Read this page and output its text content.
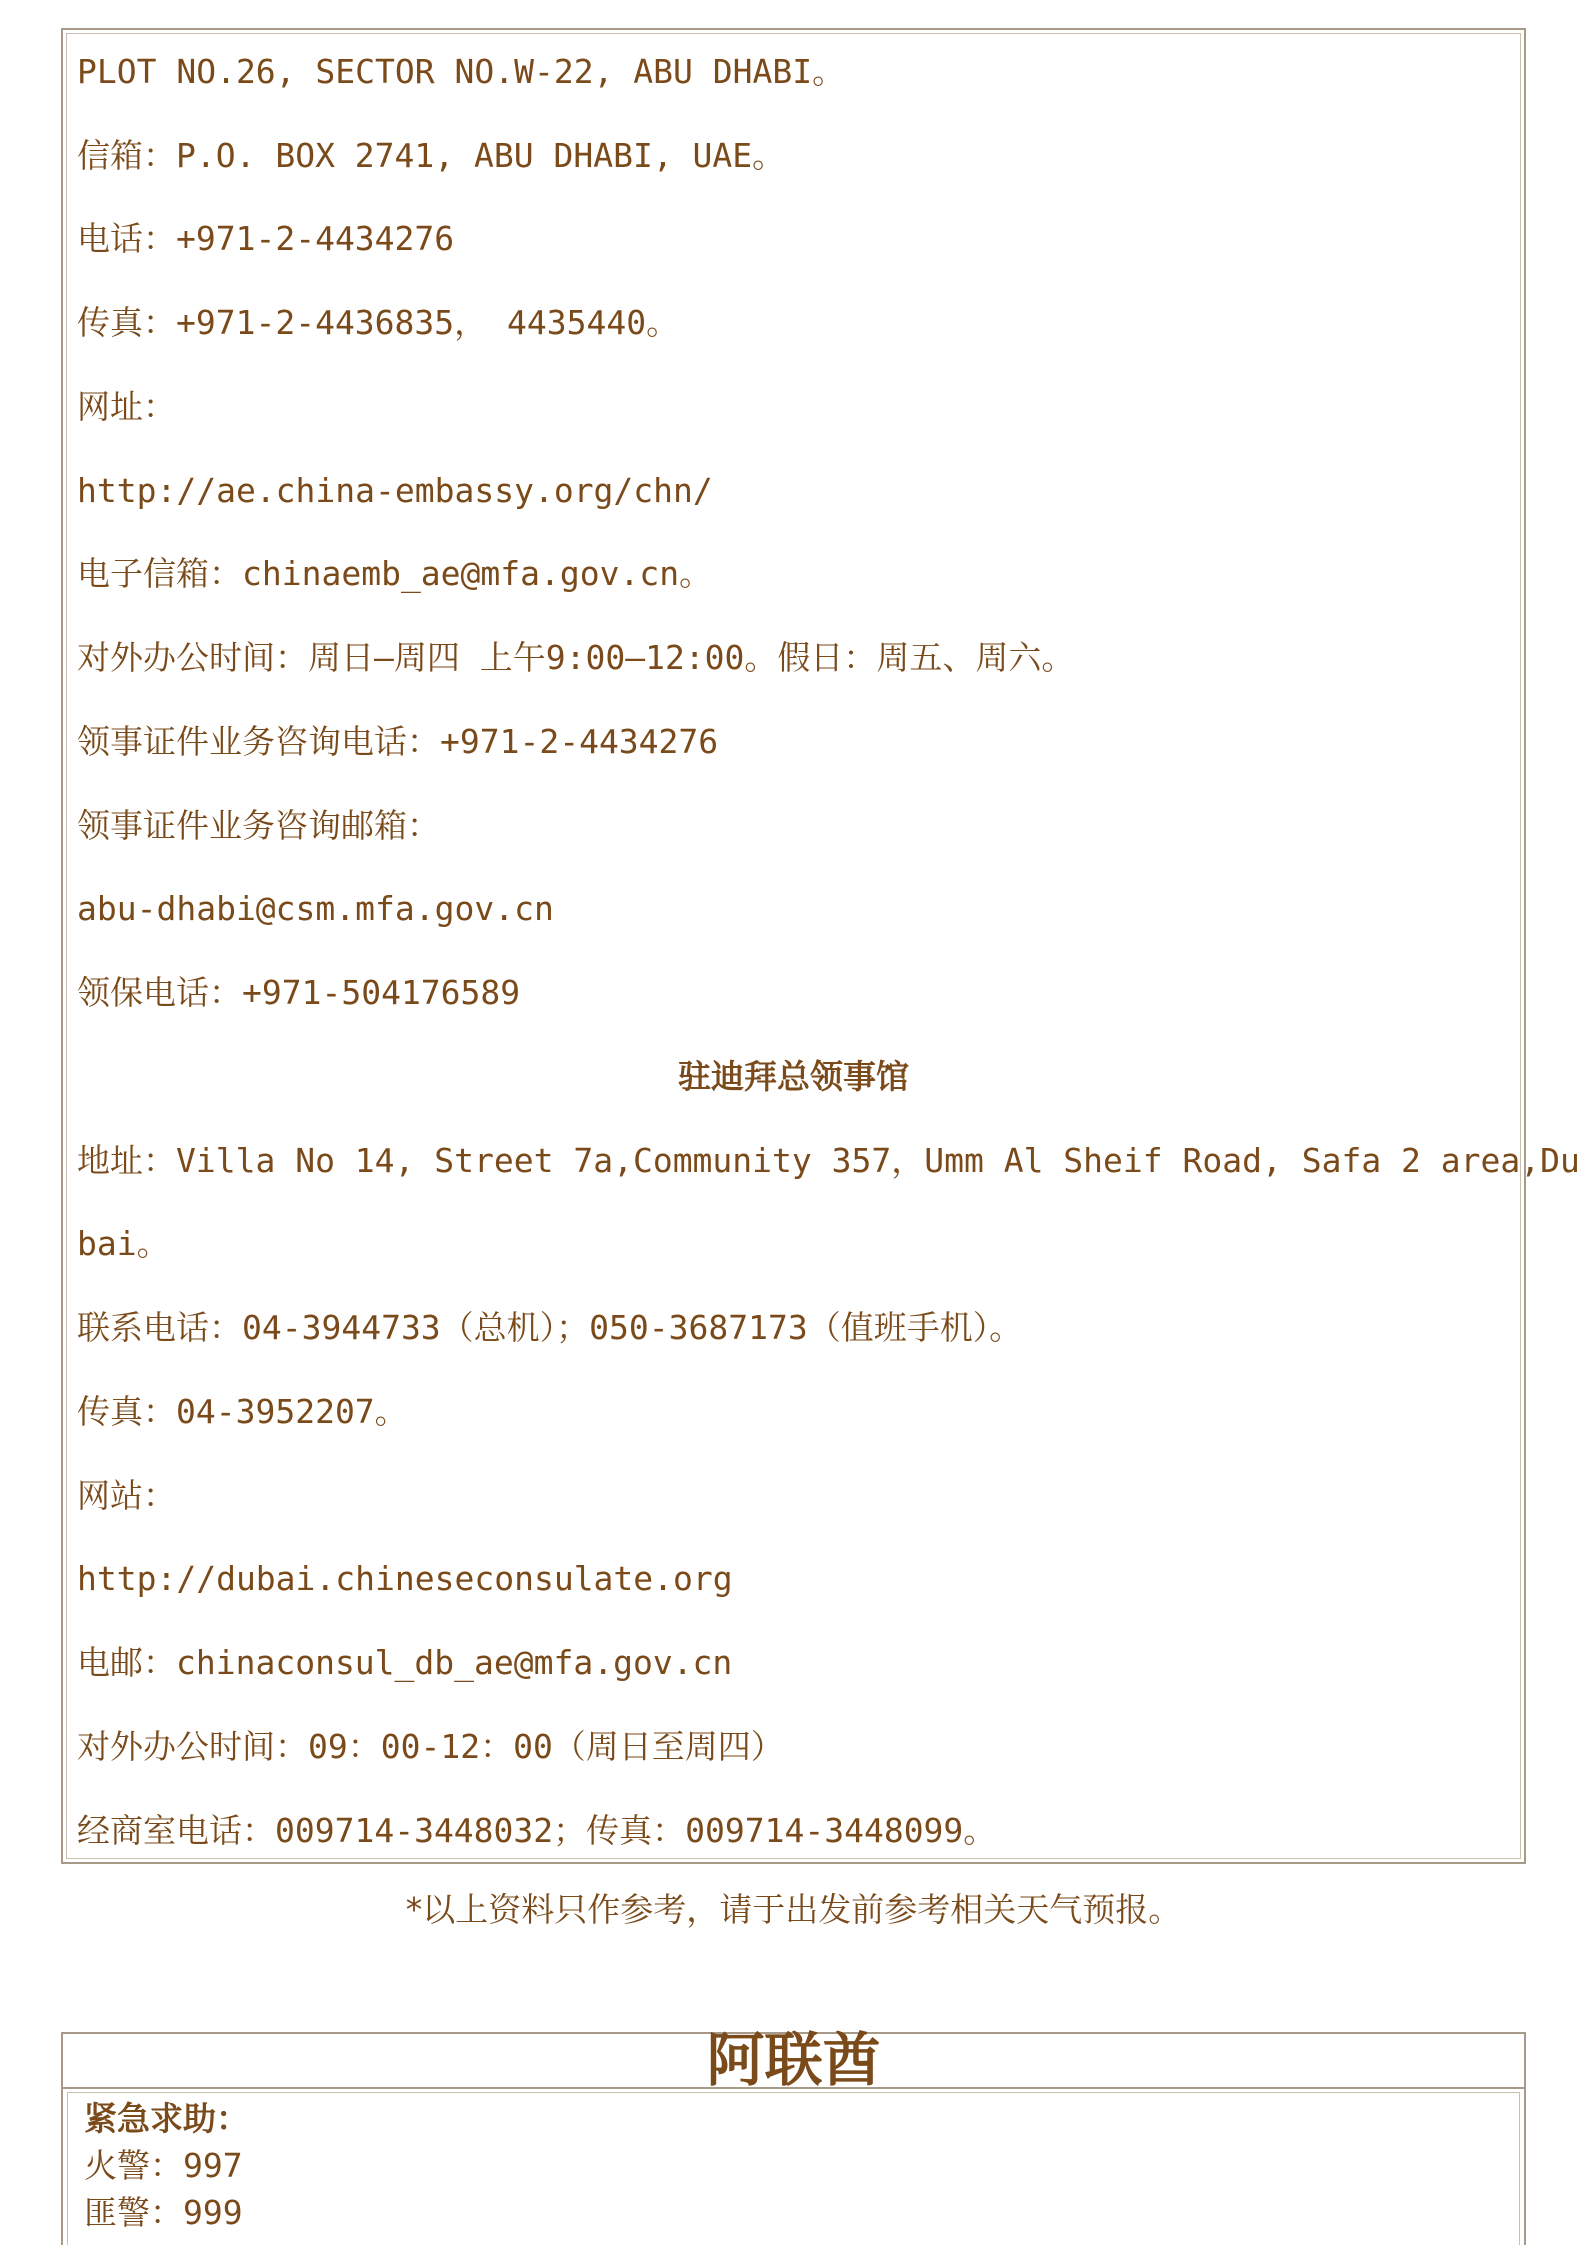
PLOT NO.26, SECTOR NO.W-22, ABU DHABI。
信箱：P.O. BOX 2741, ABU DHABI, UAE。
电话：+971-2-4434276
传真：+971-2-4436835， 4435440。
网址：
http://ae.china-embassy.org/chn/
电子信箱：chinaemb_ae@mfa.gov.cn。
对外办公时间：周日—周四 上午9:00—12:00。假日：周五、周六。
领事证件业务咨询电话：+971-2-4434276
领事证件业务咨询邮箱：
abu-dhabi@csm.mfa.gov.cn
领保电话：+971-504176589
驻迪拜总领事馆
地址：Villa No 14, Street 7a,Community 357，Umm Al Sheif Road, Safa 2 area,Du
bai。
联系电话：04-3944733（总机）；050-3687173（值班手机）。
传真：04-3952207。
网站：
http://dubai.chineseconsulate.org
电邮：chinaconsul_db_ae@mfa.gov.cn
对外办公时间：09：00-12：00（周日至周四）
经商室电话：009714-3448032；传真：009714-3448099。
*以上资料只作参考，请于出发前参考相关天气预报。
阿联酋
紧急求助：
火警：997
匪警：999
